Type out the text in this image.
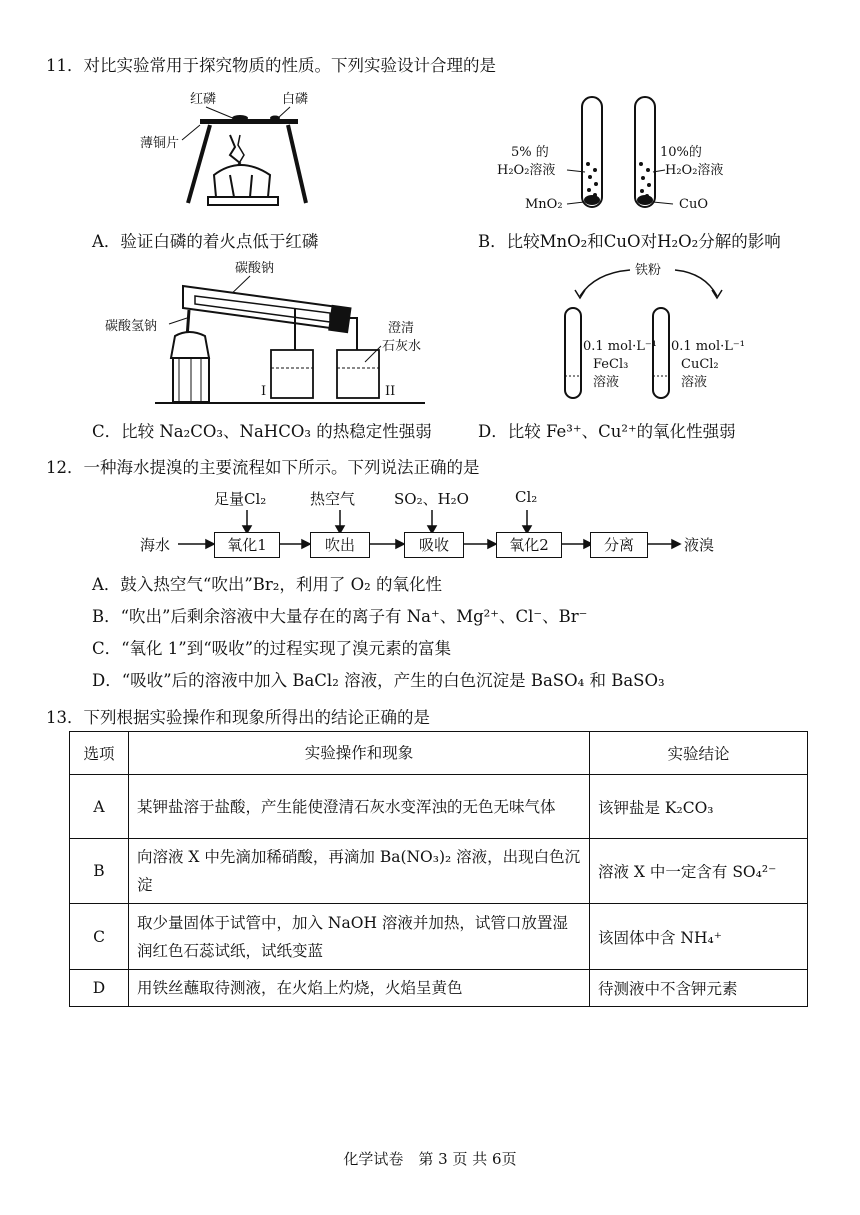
11．对比实验常用于探究物质的性质。下列实验设计合理的是
红磷	白磷
薄铜片
A．验证白磷的着火点低于红磷
5% 的
H₂O₂溶液
10%的
H₂O₂溶液
MnO₂	CuO
B．比较MnO₂和CuO对H₂O₂分解的影响
碳酸钠
碳酸氢钠
I	II
澄清
石灰水
C．比较 Na₂CO₃、NaHCO₃ 的热稳定性强弱
铁粉
0.1 mol·L⁻¹
FeCl₃
溶液
0.1 mol·L⁻¹
CuCl₂
溶液
D．比较 Fe³⁺、Cu²⁺的氧化性强弱
12．一种海水提溴的主要流程如下所示。下列说法正确的是
足量Cl₂	热空气	SO₂、H₂O	Cl₂
海水	氧化1	吹出	吸收	氧化2	分离	液溴
A．鼓入热空气“吹出”Br₂，利用了 O₂ 的氧化性
B．“吹出”后剩余溶液中大量存在的离子有 Na⁺、Mg²⁺、Cl⁻、Br⁻
C．“氧化 1”到“吸收”的过程实现了溴元素的富集
D．“吸收”后的溶液中加入 BaCl₂ 溶液，产生的白色沉淀是 BaSO₄ 和 BaSO₃
13．下列根据实验操作和现象所得出的结论正确的是
选项	实验操作和现象	实验结论
A	某钾盐溶于盐酸，产生能使澄清石灰水变浑浊的无色无味气体	该钾盐是 K₂CO₃
B	向溶液 X 中先滴加稀硝酸，再滴加 Ba(NO₃)₂ 溶液，出现白色沉淀	溶液 X 中一定含有 SO₄²⁻
C	取少量固体于试管中，加入 NaOH 溶液并加热，试管口放置湿润红色石蕊试纸，试纸变蓝	该固体中含 NH₄⁺
D	用铁丝蘸取待测液，在火焰上灼烧，火焰呈黄色	待测液中不含钾元素
化学试卷　第 3 页 共 6页
